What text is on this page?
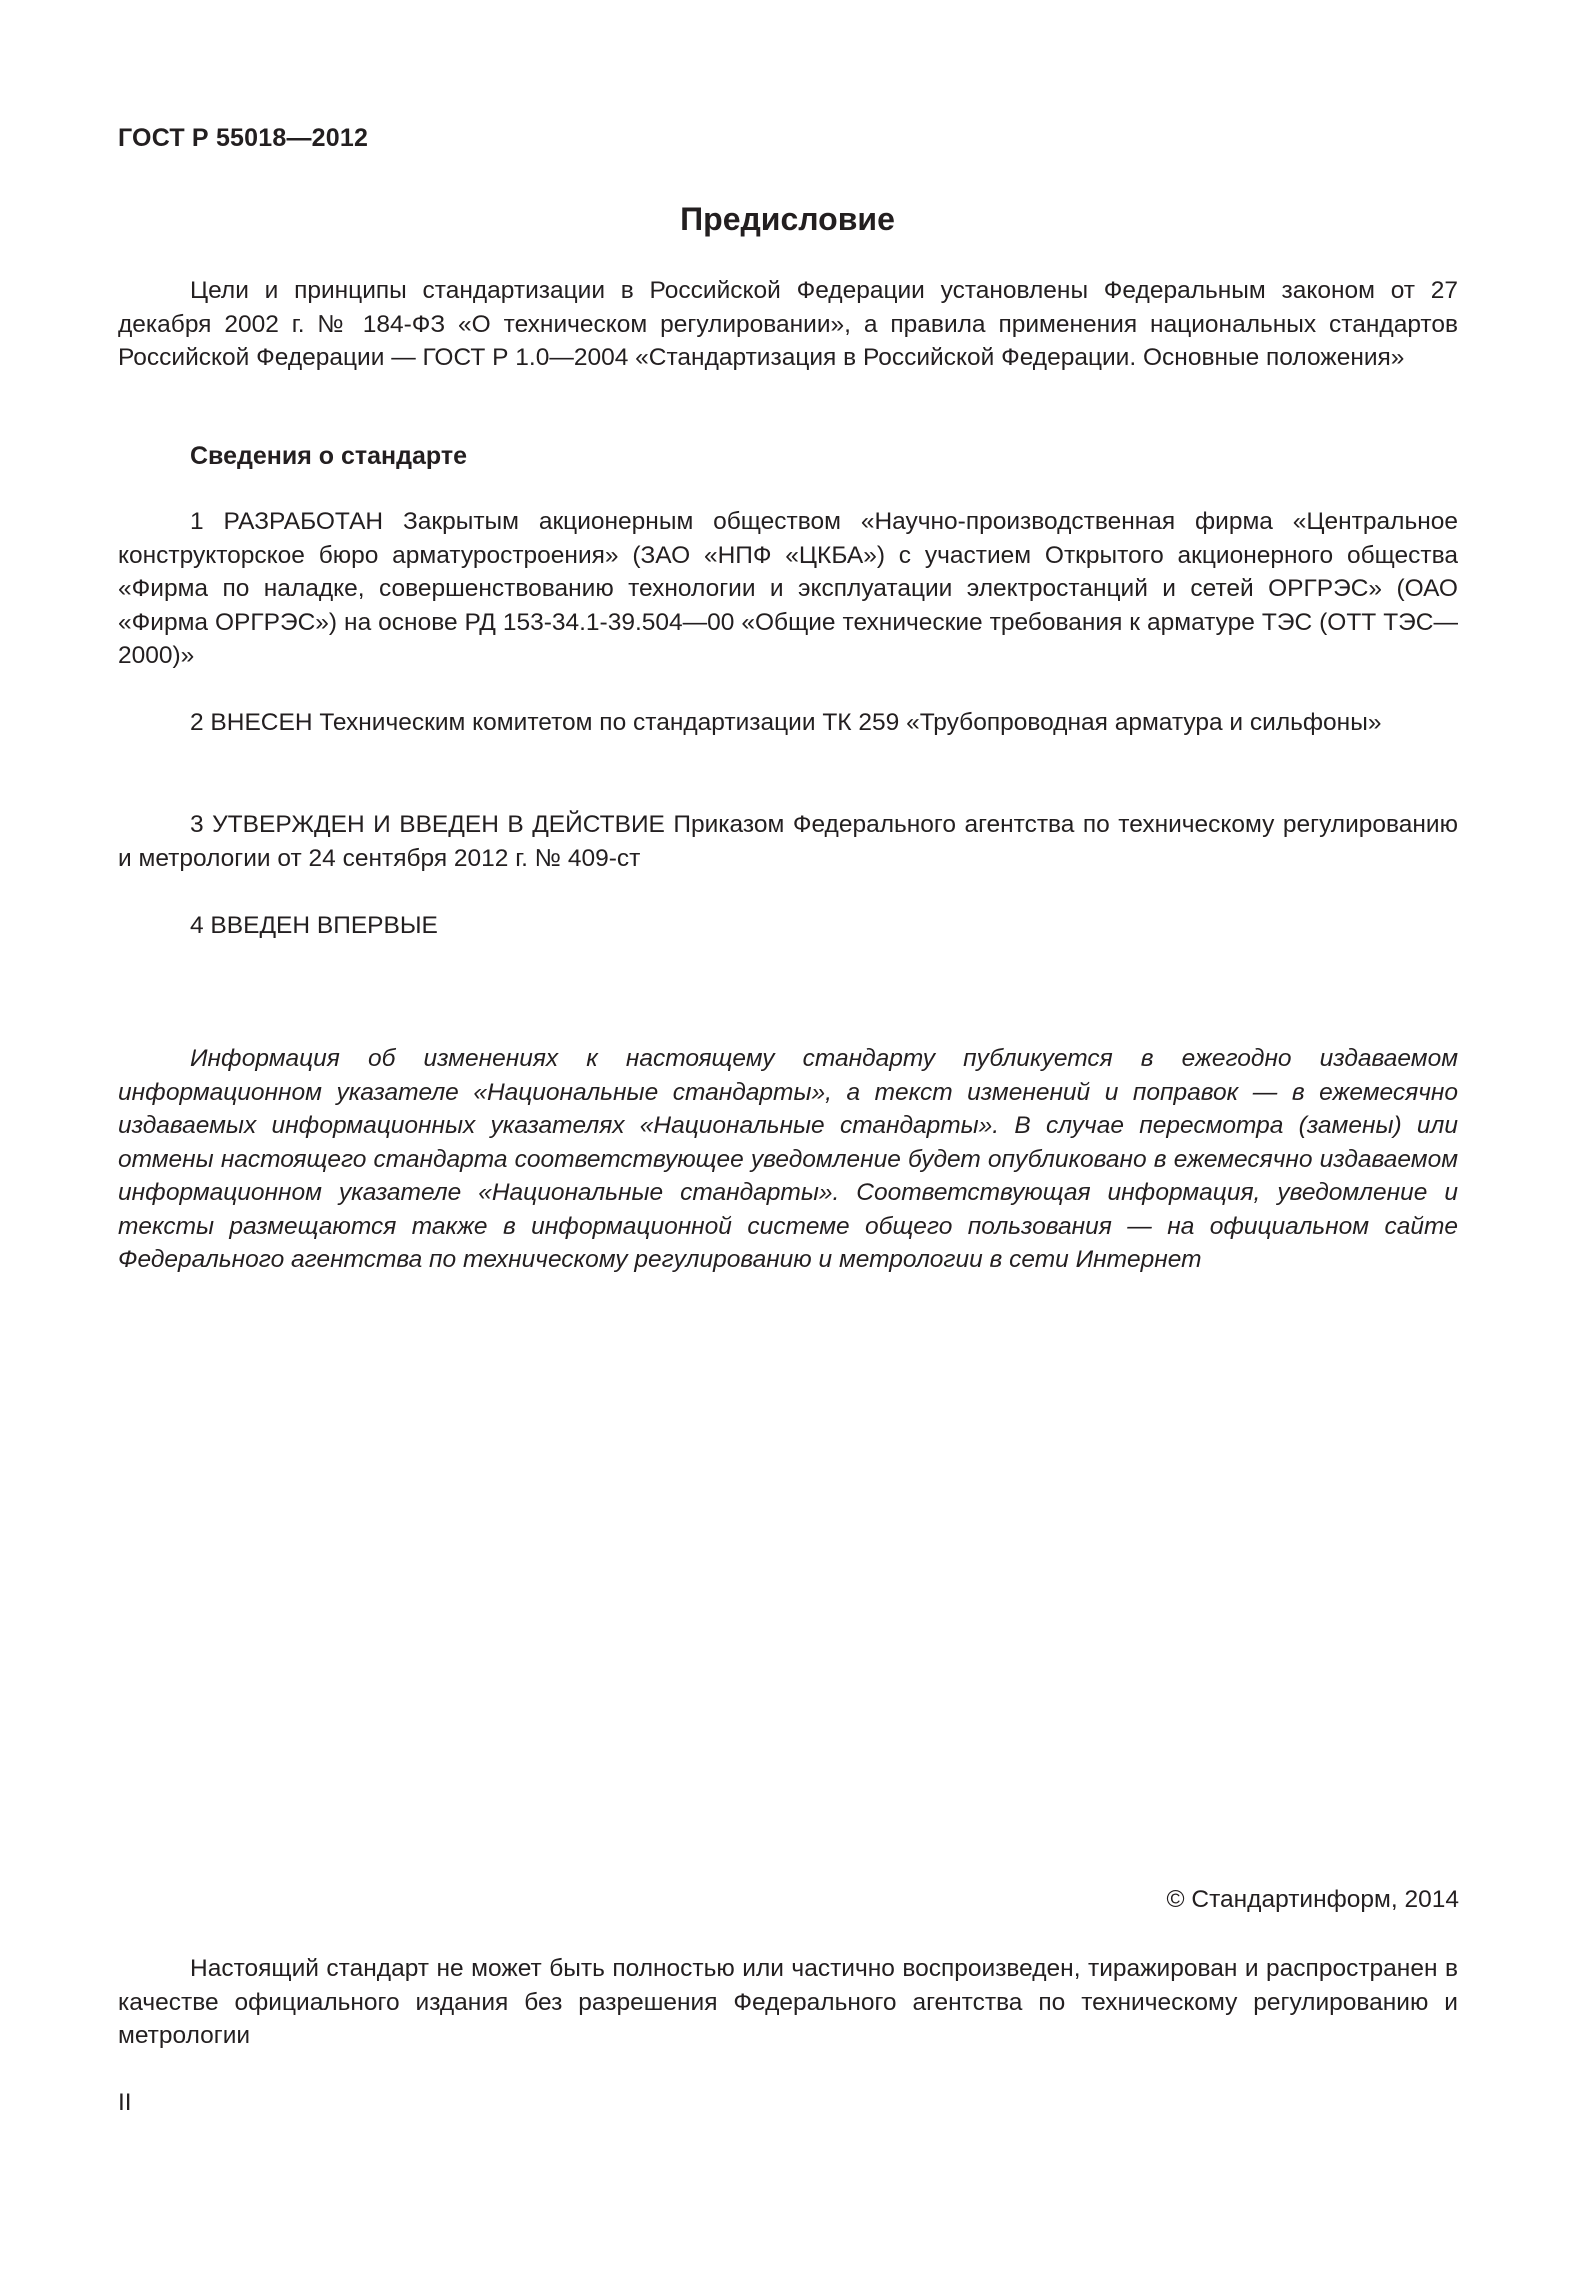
ГОСТ Р 55018—2012
Предисловие

Цели и принципы стандартизации в Российской Федерации установлены Федеральным законом от 27 декабря 2002 г. № 184-ФЗ «О техническом регулировании», а правила применения национальных стандартов Российской Федерации — ГОСТ Р 1.0—2004 «Стандартизация в Российской Федерации. Основные положения»

Сведения о стандарте

1 РАЗРАБОТАН Закрытым акционерным обществом «Научно-производственная фирма «Центральное конструкторское бюро арматуростроения» (ЗАО «НПФ «ЦКБА») с участием Открытого акционерного общества «Фирма по наладке, совершенствованию технологии и эксплуатации электростанций и сетей ОРГРЭС» (ОАО «Фирма ОРГРЭС») на основе РД 153-34.1-39.504—00 «Общие технические требования к арматуре ТЭС (ОТТ ТЭС—2000)»

2 ВНЕСЕН Техническим комитетом по стандартизации ТК 259 «Трубопроводная арматура и сильфоны»

3 УТВЕРЖДЕН И ВВЕДЕН В ДЕЙСТВИЕ Приказом Федерального агентства по техническому регулированию и метрологии от 24 сентября 2012 г. № 409-ст

4 ВВЕДЕН ВПЕРВЫЕ

Информация об изменениях к настоящему стандарту публикуется в ежегодно издаваемом информационном указателе «Национальные стандарты», а текст изменений и поправок — в ежемесячно издаваемых информационных указателях «Национальные стандарты». В случае пересмотра (замены) или отмены настоящего стандарта соответствующее уведомление будет опубликовано в ежемесячно издаваемом информационном указателе «Национальные стандарты». Соответствующая информация, уведомление и тексты размещаются также в информационной системе общего пользования — на официальном сайте Федерального агентства по техническому регулированию и метрологии в сети Интернет

© Стандартинформ, 2014

Настоящий стандарт не может быть полностью или частично воспроизведен, тиражирован и распространен в качестве официального издания без разрешения Федерального агентства по техническому регулированию и метрологии

II
